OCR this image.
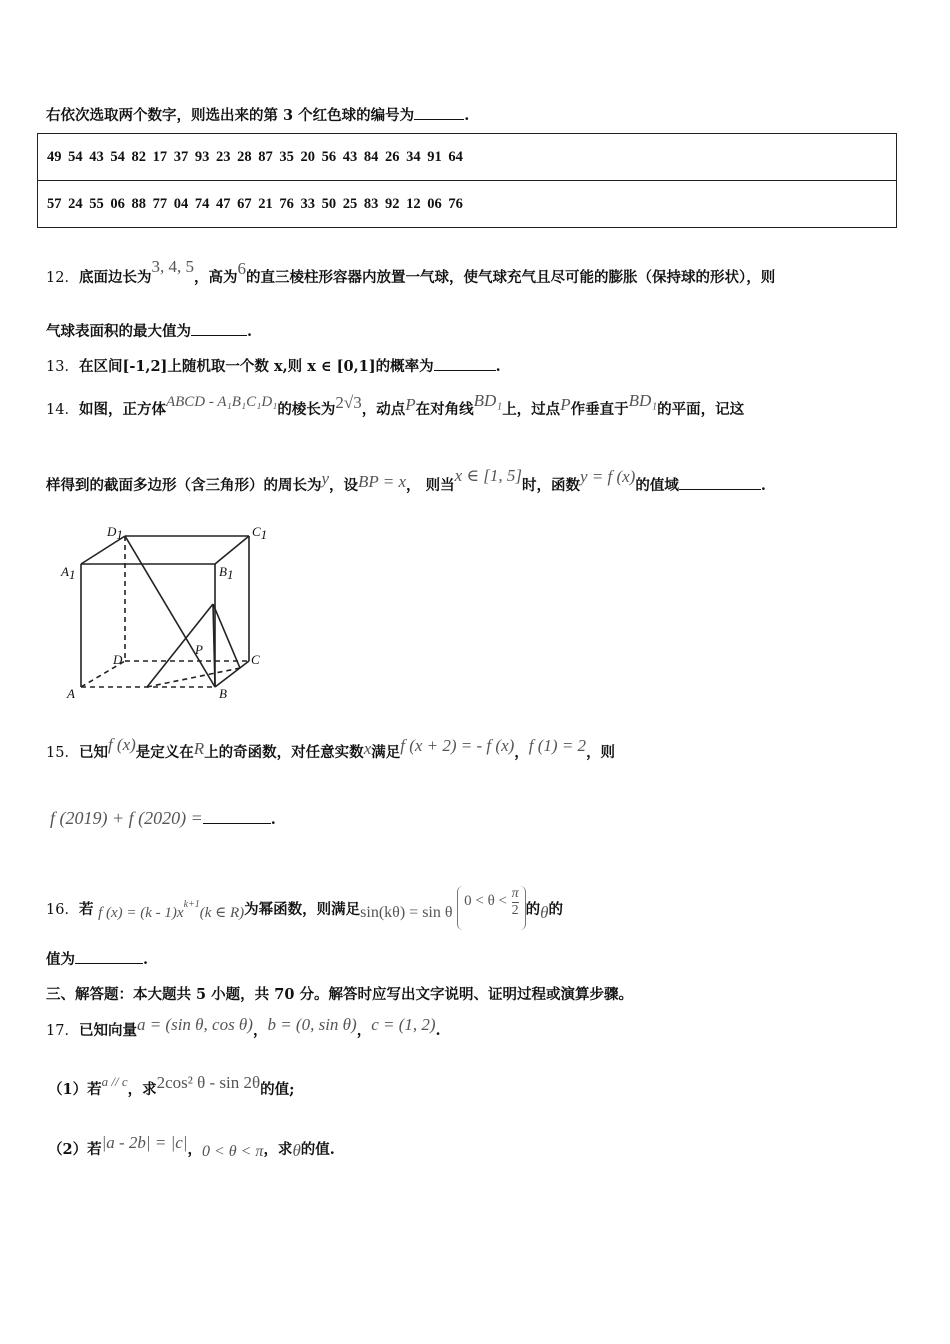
右依次选取两个数字，则选出来的第 3 个红色球的编号为	.
49 54 43 54 82 17 37 93 23 28 87 35 20 56 43 84 26 34 91 64
57 24 55 06 88 77 04 74 47 67 21 76 33 50 25 83 92 12 06 76
12．底面边长为3, 4, 5，高为6的直三棱柱形容器内放置一气球，使气球充气且尽可能的膨胀（保持球的形状），则
气球表面积的最大值为	.
13．在区间[-1,2]上随机取一个数 x,则 x ∈ [0,1]的概率为	.
14．如图，正方体ABCD - A₁B₁C₁D₁的棱长为2√3，动点P在对角线BD₁上，过点P作垂直于BD₁的平面，记这
样得到的截面多边形（含三角形）的周长为y，设BP = x， 则当x ∈ [1, 5]时，函数y = f (x)的值域	.
D1	C1
A1	B1
D	C
A	B
P
15．已知f (x)是定义在R上的奇函数，对任意实数x满足f (x + 2) = - f (x)，f (1) = 2，则
f (2019) + f (2020) =	.
16．若 f $(x) = (k - 1)x^{k+1}(k$ ∈ R)为幂函数，则满足sin(kθ) = sin θ $0 < \theta < \frac{\pi}{2}$ 的θ的
值为	.
三、解答题：本大题共 5 小题，共 70 分。解答时应写出文字说明、证明过程或演算步骤。
17．已知向量a = (sin θ, cos θ)，b = (0, sin θ)，c = (1, 2).
（1）若a // c，求2cos² θ - sin 2θ的值;
（2）若|a - 2b| = |c|，0 < θ < π，求θ的值.
